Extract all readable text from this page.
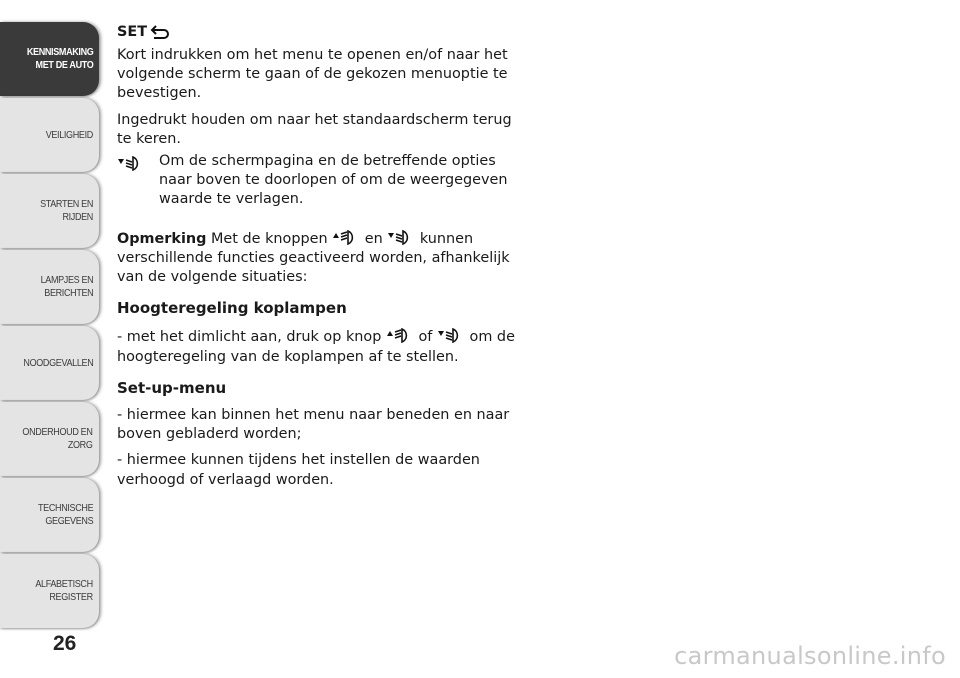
KENNISMAKING
MET DE AUTO
VEILIGHEID
STARTEN EN RIJDEN
LAMPJES EN
BERICHTEN
NOODGEVALLEN
ONDERHOUD EN
ZORG
TECHNISCHE
GEGEVENS
ALFABETISCH
REGISTER
26
SET

Kort indrukken om het menu te openen en/of naar het volgende scherm te gaan of de gekozen menuoptie te bevestigen.

Ingedrukt houden om naar het standaardscherm terug te keren.

Om de schermpagina en de betreffende opties naar boven te doorlopen of om de weergegeven waarde te verlagen.

Opmerking Met de knoppen	en	kunnen verschillende functies geactiveerd worden, afhankelijk van de volgende situaties:

Hoogteregeling koplampen

- met het dimlicht aan, druk op knop	of	om de hoogteregeling van de koplampen af te stellen.

Set-up-menu

- hiermee kan binnen het menu naar beneden en naar boven gebladerd worden;

- hiermee kunnen tijdens het instellen de waarden verhoogd of verlaagd worden.

carmanualsonline.info
